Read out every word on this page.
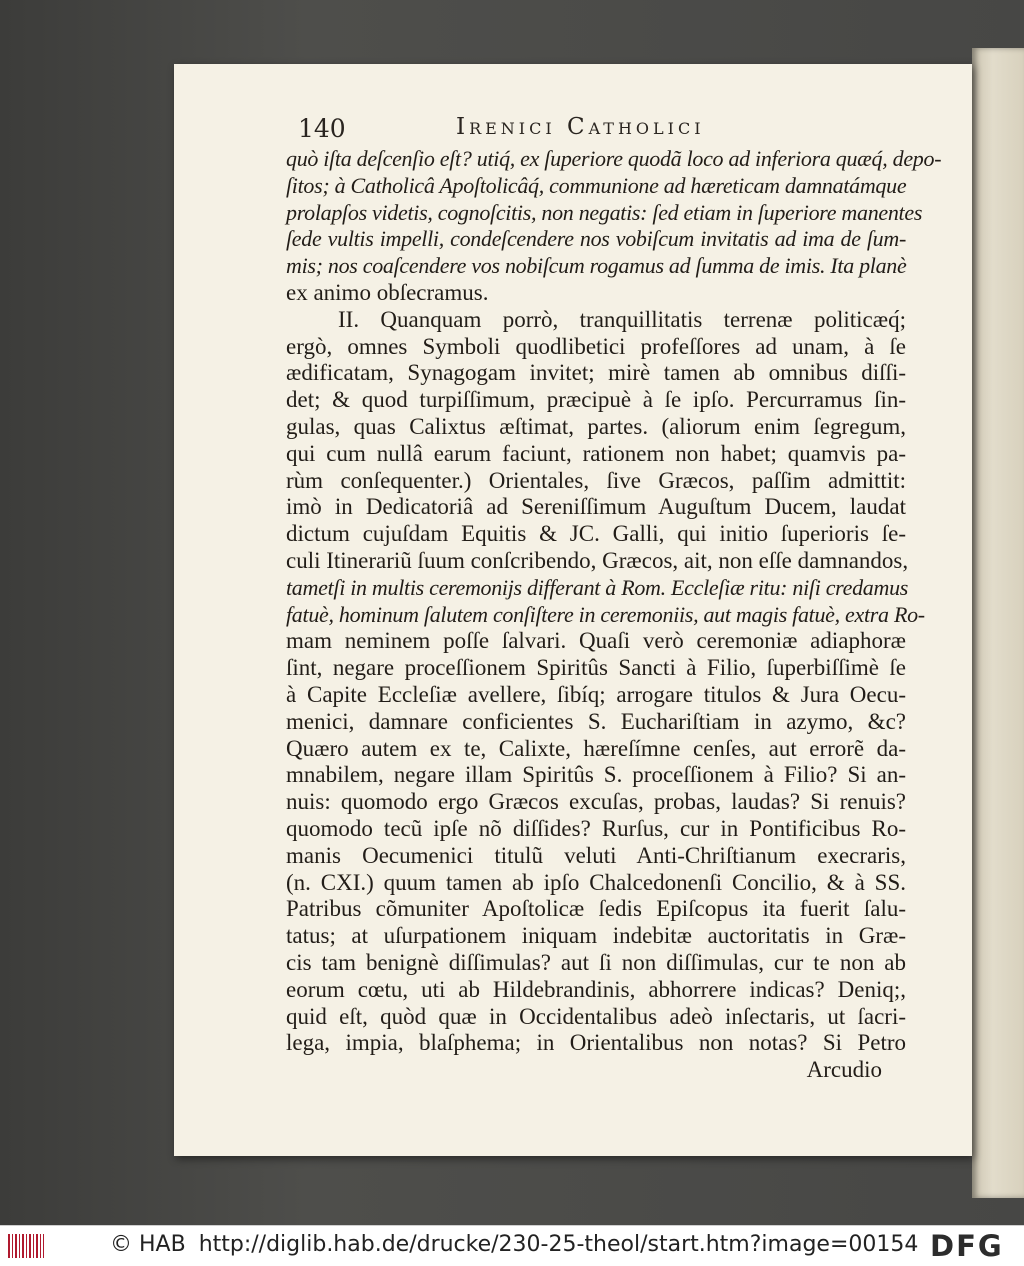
140	Irenici Catholici
quò iſta deſcenſio eſt? utiq́, ex ſuperiore quodã loco ad inferiora quæq́, depo-
ſitos; à Catholicâ Apoſtolicâq́, communione ad hæreticam damnatámque
prolapſos videtis, cognoſcitis, non negatis: ſed etiam in ſuperiore manentes
ſede vultis impelli, condeſcendere nos vobiſcum invitatis ad ima de ſum-
mis; nos coaſcendere vos nobiſcum rogamus ad ſumma de imis. Ita planè
ex animo obſecramus.
II. Quanquam porrò, tranquillitatis terrenæ politicæq́;
ergò, omnes Symboli quodlibetici profeſſores ad unam, à ſe
ædificatam, Synagogam invitet; mirè tamen ab omnibus diſſi-
det; & quod turpiſſimum, præcipuè à ſe ipſo. Percurramus ſin-
gulas, quas Calixtus æſtimat, partes. (aliorum enim ſegregum,
qui cum nullâ earum faciunt, rationem non habet; quamvis pa-
rùm conſequenter.) Orientales, ſive Græcos, paſſim admittit:
imò in Dedicatoriâ ad Sereniſſimum Auguſtum Ducem, laudat
dictum cujuſdam Equitis & JC. Galli, qui initio ſuperioris ſe-
culi Itinerariũ ſuum conſcribendo, Græcos, ait, non eſſe damnandos,
tametſi in multis ceremonijs differant à Rom. Eccleſiæ ritu: niſi credamus
fatuè, hominum ſalutem conſiſtere in ceremoniis, aut magis fatuè, extra Ro-
mam neminem poſſe ſalvari. Quaſi verò ceremoniæ adiaphoræ
ſint, negare proceſſionem Spiritûs Sancti à Filio, ſuperbiſſimè ſe
à Capite Eccleſiæ avellere, ſibíq; arrogare titulos & Jura Oecu-
menici, damnare conficientes S. Euchariſtiam in azymo, &c?
Quæro autem ex te, Calixte, hæreſímne cenſes, aut errorẽ da-
mnabilem, negare illam Spiritûs S. proceſſionem à Filio? Si an-
nuis: quomodo ergo Græcos excuſas, probas, laudas? Si renuis?
quomodo tecũ ipſe nõ diſſides? Rurſus, cur in Pontificibus Ro-
manis Oecumenici titulũ veluti Anti-Chriſtianum execraris,
(n. CXI.) quum tamen ab ipſo Chalcedonenſi Concilio, & à SS.
Patribus cõmuniter Apoſtolicæ ſedis Epiſcopus ita fuerit ſalu-
tatus; at uſurpationem iniquam indebitæ auctoritatis in Græ-
cis tam benignè diſſimulas? aut ſi non diſſimulas, cur te non ab
eorum cœtu, uti ab Hildebrandinis, abhorrere indicas? Deniq;,
quid eſt, quòd quæ in Occidentalibus adeò inſectaris, ut ſacri-
lega, impia, blaſphema; in Orientalibus non notas? Si Petro
Arcudio
© HAB http://diglib.hab.de/drucke/230-25-theol/start.htm?image=00154 DFG
